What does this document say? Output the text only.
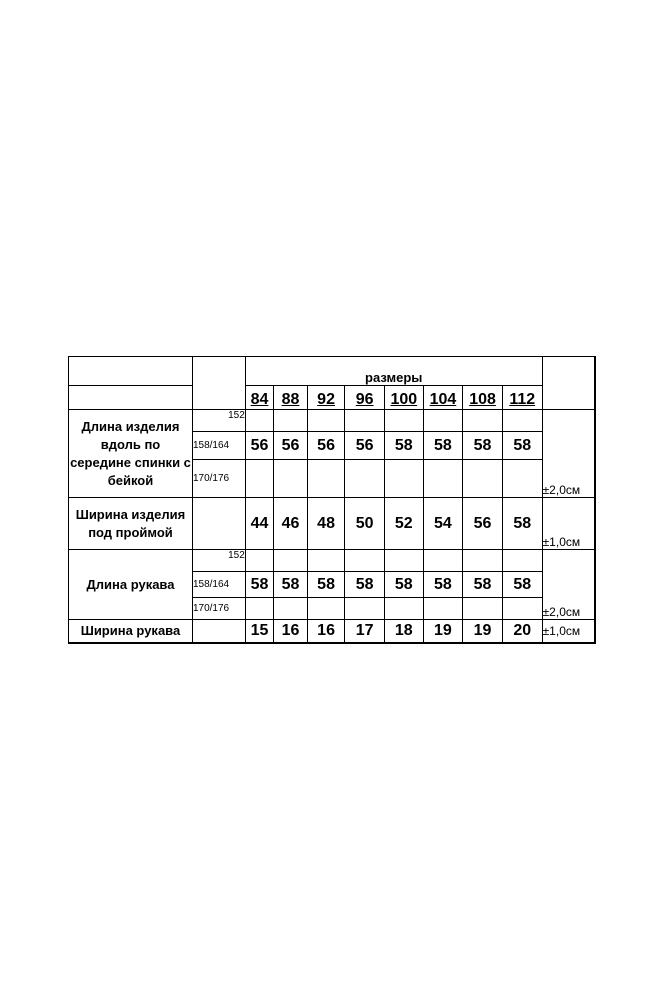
		размеры								
		84	88	92	96	100	104	108	112	
Длина изделия вдоль по середине спинки с бейкой	152									±2,0см
	158/164	56	56	56	56	58	58	58	58	
	170/176									
Ширина изделия под проймой		44	46	48	50	52	54	56	58	±1,0см
Длина рукава	152									±2,0см
	158/164	58	58	58	58	58	58	58	58	
	170/176									
Ширина рукава		15	16	16	17	18	19	19	20	±1,0см
